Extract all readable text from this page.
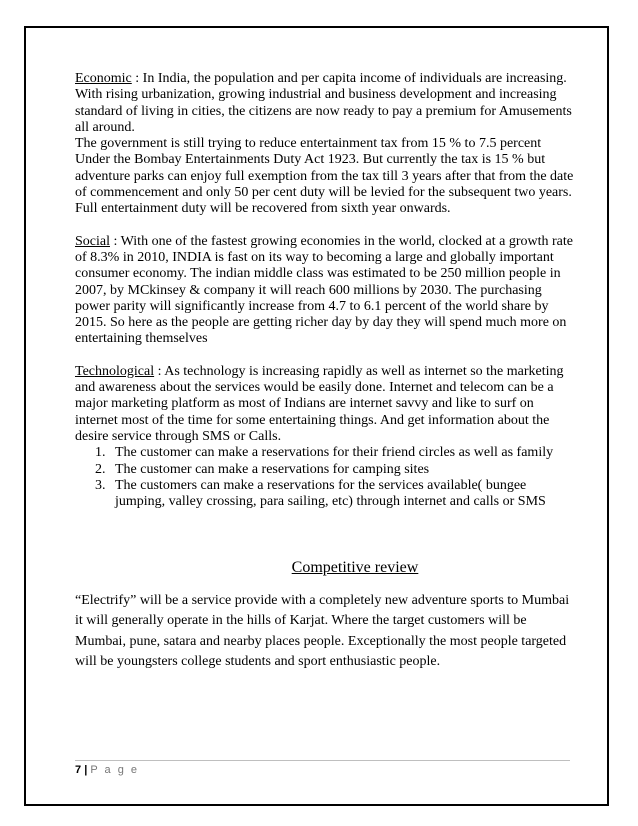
Economic : In India, the population and per capita income of individuals are increasing. With rising urbanization, growing industrial and business development and increasing standard of living in cities, the citizens are now ready to pay a premium for Amusements all around.

The government is still trying to reduce entertainment tax from 15 % to 7.5 percent Under the Bombay Entertainments Duty Act 1923. But currently the tax is 15 % but adventure parks can enjoy full exemption from the tax till 3 years after that from the date of commencement and only 50 per cent duty will be levied for the subsequent two years. Full entertainment duty will be recovered from sixth year onwards.

Social : With one of the fastest growing economies in the world, clocked at a growth rate of 8.3% in 2010, INDIA is fast on its way to becoming a large and globally important consumer economy. The indian middle class was estimated to be 250 million people in 2007, by MCkinsey & company it will reach 600 millions by 2030. The purchasing power parity will significantly increase from 4.7 to 6.1 percent of the world share by 2015. So here as the people are getting richer day by day they will spend much more on entertaining themselves

Technological : As technology is increasing rapidly as well as internet so the marketing and awareness about the services would be easily done. Internet and telecom can be a major marketing platform as most of Indians are internet savvy and like to surf on internet most of the time for some entertaining things. And get information about the desire service through SMS or Calls.

1. The customer can make a reservations for their friend circles as well as family
2. The customer can make a reservations for camping sites
3. The customers can make a reservations for the services available( bungee jumping, valley crossing, para sailing, etc) through internet and calls or SMS
Competitive review

“Electrify” will be a service provide with a completely new adventure sports to Mumbai it will generally operate in the hills of Karjat. Where the target customers will be Mumbai, pune, satara and nearby places people. Exceptionally the most people targeted will be youngsters college students and sport enthusiastic people.

7 | P a g e
